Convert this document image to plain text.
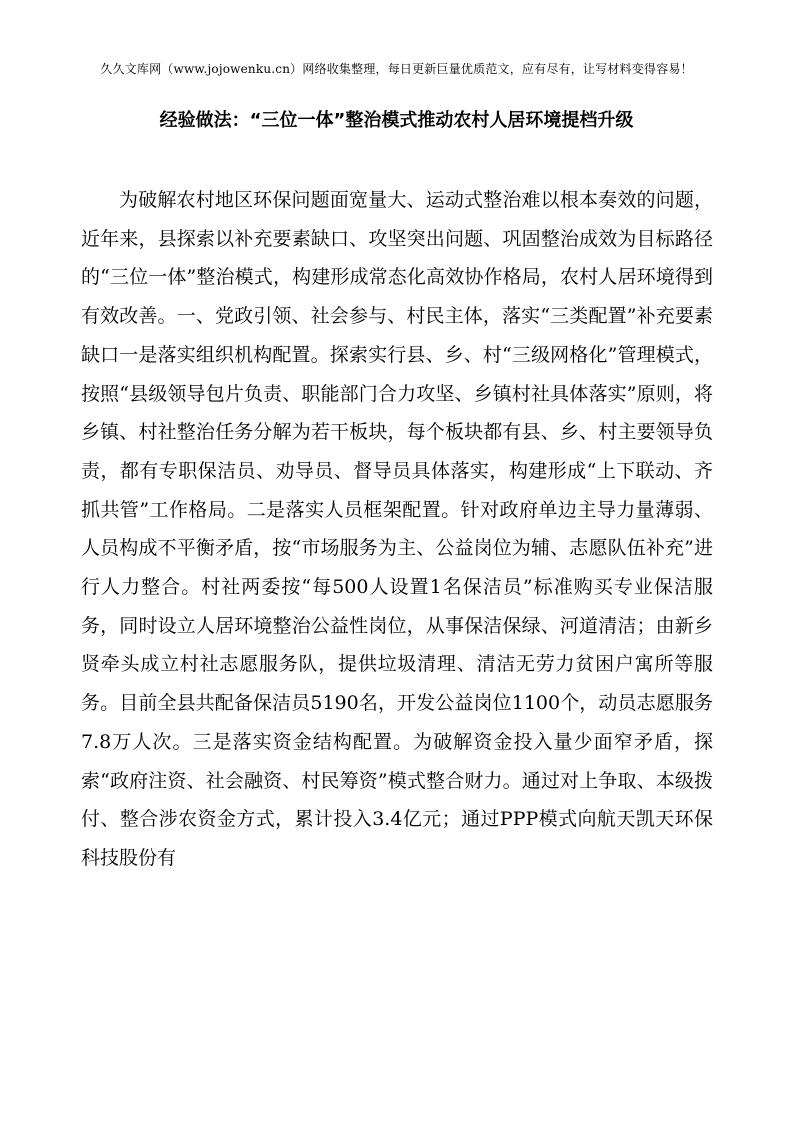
久久文库网（www.jojowenku.cn）网络收集整理，每日更新巨量优质范文，应有尽有，让写材料变得容易！
经验做法：“三位一体”整治模式推动农村人居环境提档升级

为破解农村地区环保问题面宽量大、运动式整治难以根本奏效的问题，近年来，县探索以补充要素缺口、攻坚突出问题、巩固整治成效为目标路径的“三位一体”整治模式，构建形成常态化高效协作格局，农村人居环境得到有效改善。一、党政引领、社会参与、村民主体，落实“三类配置”补充要素缺口一是落实组织机构配置。探索实行县、乡、村“三级网格化”管理模式，按照“县级领导包片负责、职能部门合力攻坚、乡镇村社具体落实”原则，将乡镇、村社整治任务分解为若干板块，每个板块都有县、乡、村主要领导负责，都有专职保洁员、劝导员、督导员具体落实，构建形成“上下联动、齐抓共管”工作格局。二是落实人员框架配置。针对政府单边主导力量薄弱、人员构成不平衡矛盾，按“市场服务为主、公益岗位为辅、志愿队伍补充”进行人力整合。村社两委按“每500人设置1名保洁员”标准购买专业保洁服务，同时设立人居环境整治公益性岗位，从事保洁保绿、河道清洁；由新乡贤牵头成立村社志愿服务队，提供垃圾清理、清洁无劳力贫困户寓所等服务。目前全县共配备保洁员5190名，开发公益岗位1100个，动员志愿服务7.8万人次。三是落实资金结构配置。为破解资金投入量少面窄矛盾，探索“政府注资、社会融资、村民筹资”模式整合财力。通过对上争取、本级拨付、整合涉农资金方式，累计投入3.4亿元；通过PPP模式向航天凯天环保科技股份有
